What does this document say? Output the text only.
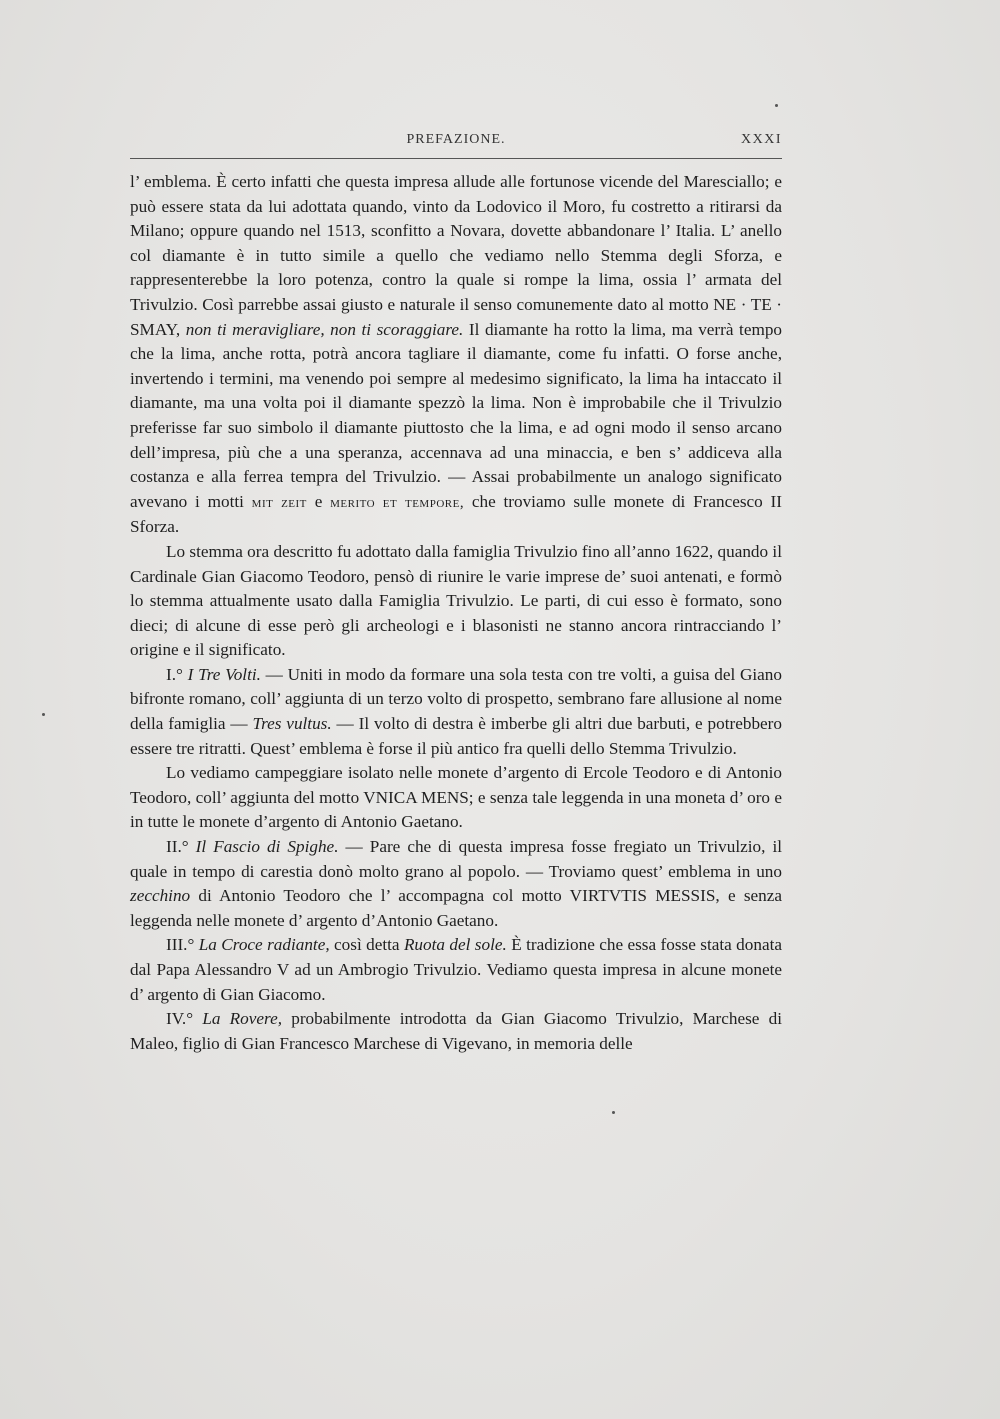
PREFAZIONE.	XXXI

l’ emblema. È certo infatti che questa impresa allude alle fortunose vicende del Maresciallo; e può essere stata da lui adottata quando, vinto da Lodovico il Moro, fu costretto a ritirarsi da Milano; oppure quando nel 1513, sconfitto a Novara, dovette abbandonare l’ Italia. L’ anello col diamante è in tutto simile a quello che vediamo nello Stemma degli Sforza, e rappresenterebbe la loro potenza, contro la quale si rompe la lima, ossia l’ armata del Trivulzio. Così parrebbe assai giusto e naturale il senso comunemente dato al motto NE · TE · SMAY, non ti meravigliare, non ti scoraggiare. Il diamante ha rotto la lima, ma verrà tempo che la lima, anche rotta, potrà ancora tagliare il diamante, come fu infatti. O forse anche, invertendo i termini, ma venendo poi sempre al medesimo significato, la lima ha intaccato il diamante, ma una volta poi il diamante spezzò la lima. Non è improbabile che il Trivulzio preferisse far suo simbolo il diamante piuttosto che la lima, e ad ogni modo il senso arcano dell’impresa, più che a una speranza, accennava ad una minaccia, e ben s’ addiceva alla costanza e alla ferrea tempra del Trivulzio. — Assai probabilmente un analogo significato avevano i motti mit zeit e merito et tempore, che troviamo sulle monete di Francesco II Sforza.

Lo stemma ora descritto fu adottato dalla famiglia Trivulzio fino all’anno 1622, quando il Cardinale Gian Giacomo Teodoro, pensò di riunire le varie imprese de’ suoi antenati, e formò lo stemma attualmente usato dalla Famiglia Trivulzio. Le parti, di cui esso è formato, sono dieci; di alcune di esse però gli archeologi e i blasonisti ne stanno ancora rintracciando l’ origine e il significato.

I.° I Tre Volti. — Uniti in modo da formare una sola testa con tre volti, a guisa del Giano bifronte romano, coll’ aggiunta di un terzo volto di prospetto, sembrano fare allusione al nome della famiglia — Tres vultus. — Il volto di destra è imberbe gli altri due barbuti, e potrebbero essere tre ritratti. Quest’ emblema è forse il più antico fra quelli dello Stemma Trivulzio.

Lo vediamo campeggiare isolato nelle monete d’argento di Ercole Teodoro e di Antonio Teodoro, coll’ aggiunta del motto VNICA MENS; e senza tale leggenda in una moneta d’ oro e in tutte le monete d’argento di Antonio Gaetano.

II.° Il Fascio di Spighe. — Pare che di questa impresa fosse fregiato un Trivulzio, il quale in tempo di carestia donò molto grano al popolo. — Troviamo quest’ emblema in uno zecchino di Antonio Teodoro che l’ accompagna col motto VIRTVTIS MESSIS, e senza leggenda nelle monete d’ argento d’Antonio Gaetano.

III.° La Croce radiante, così detta Ruota del sole. È tradizione che essa fosse stata donata dal Papa Alessandro V ad un Ambrogio Trivulzio. Vediamo questa impresa in alcune monete d’ argento di Gian Giacomo.

IV.° La Rovere, probabilmente introdotta da Gian Giacomo Trivulzio, Marchese di Maleo, figlio di Gian Francesco Marchese di Vigevano, in memoria delle
